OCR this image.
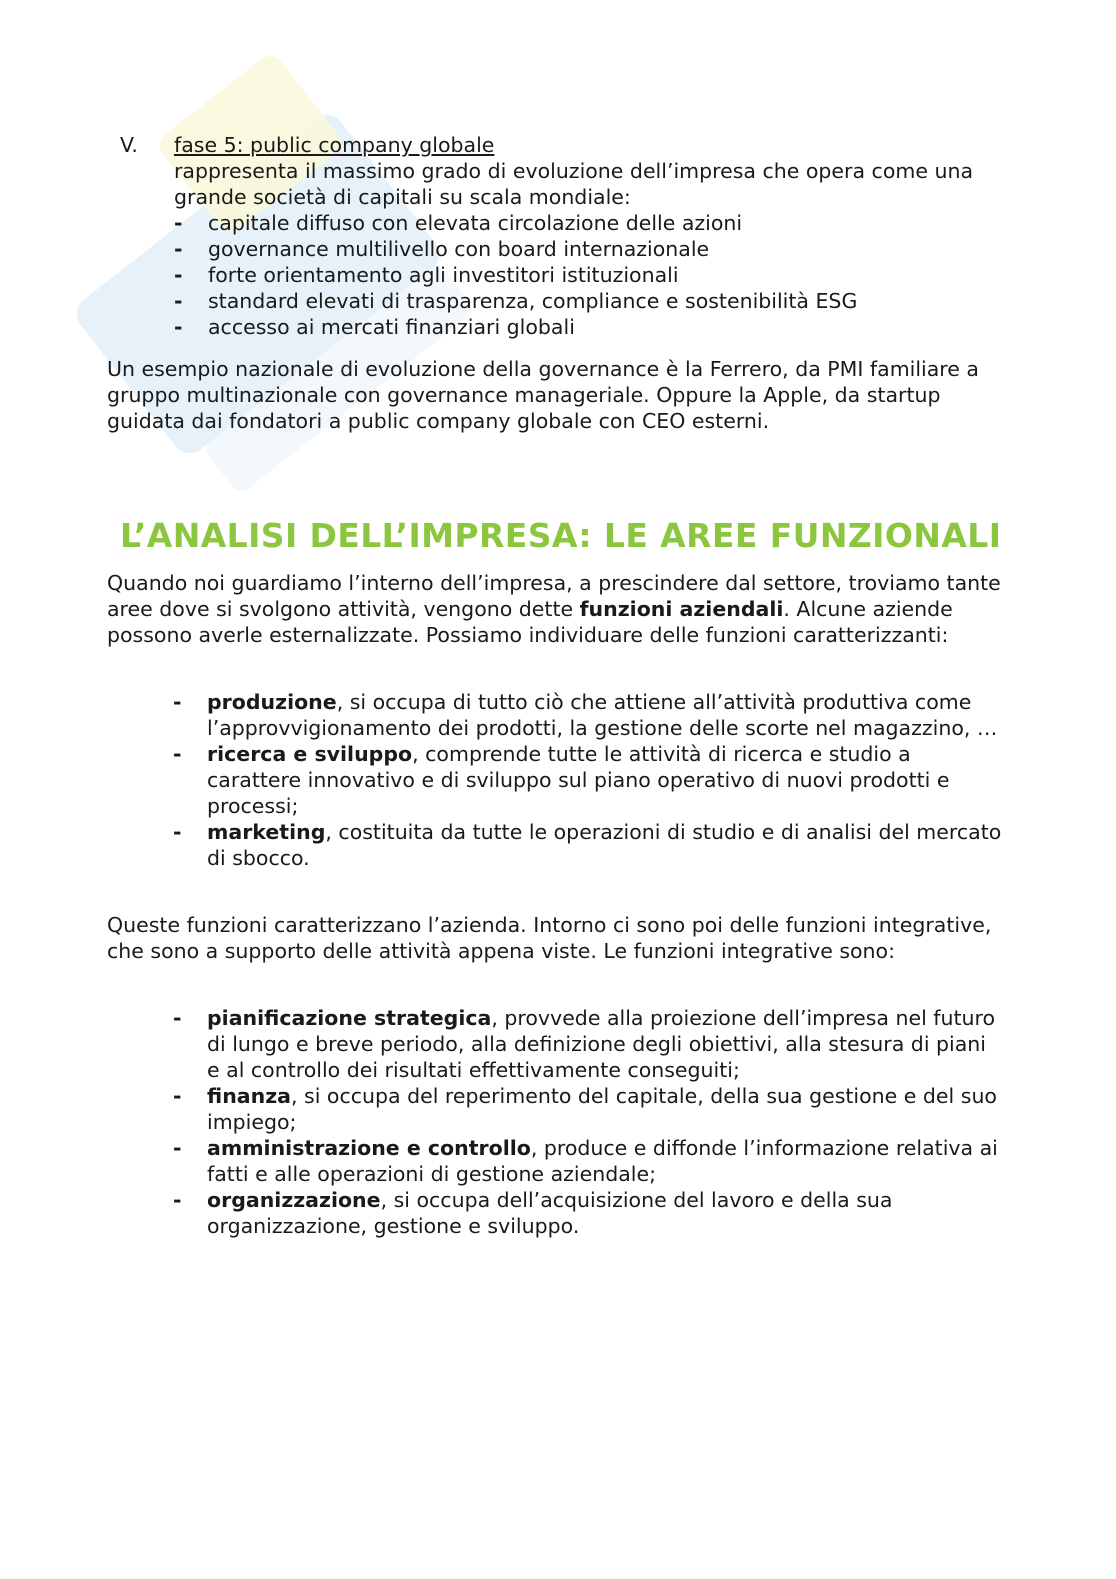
V.	fase 5: public company globale
rappresenta il massimo grado di evoluzione dell’impresa che opera come una grande società di capitali su scala mondiale:
- capitale diffuso con elevata circolazione delle azioni
- governance multilivello con board internazionale
- forte orientamento agli investitori istituzionali
- standard elevati di trasparenza, compliance e sostenibilità ESG
- accesso ai mercati finanziari globali

Un esempio nazionale di evoluzione della governance è la Ferrero, da PMI familiare a gruppo multinazionale con governance manageriale. Oppure la Apple, da startup guidata dai fondatori a public company globale con CEO esterni.

L’ANALISI DELL’IMPRESA: LE AREE FUNZIONALI

Quando noi guardiamo l’interno dell’impresa, a prescindere dal settore, troviamo tante aree dove si svolgono attività, vengono dette funzioni aziendali. Alcune aziende possono averle esternalizzate. Possiamo individuare delle funzioni caratterizzanti:

- produzione, si occupa di tutto ciò che attiene all’attività produttiva come l’approvvigionamento dei prodotti, la gestione delle scorte nel magazzino, …
- ricerca e sviluppo, comprende tutte le attività di ricerca e studio a carattere innovativo e di sviluppo sul piano operativo di nuovi prodotti e processi;
- marketing, costituita da tutte le operazioni di studio e di analisi del mercato di sbocco.

Queste funzioni caratterizzano l’azienda. Intorno ci sono poi delle funzioni integrative, che sono a supporto delle attività appena viste. Le funzioni integrative sono:

- pianificazione strategica, provvede alla proiezione dell’impresa nel futuro di lungo e breve periodo, alla definizione degli obiettivi, alla stesura di piani e al controllo dei risultati effettivamente conseguiti;
- finanza, si occupa del reperimento del capitale, della sua gestione e del suo impiego;
- amministrazione e controllo, produce e diffonde l’informazione relativa ai fatti e alle operazioni di gestione aziendale;
- organizzazione, si occupa dell’acquisizione del lavoro e della sua organizzazione, gestione e sviluppo.
